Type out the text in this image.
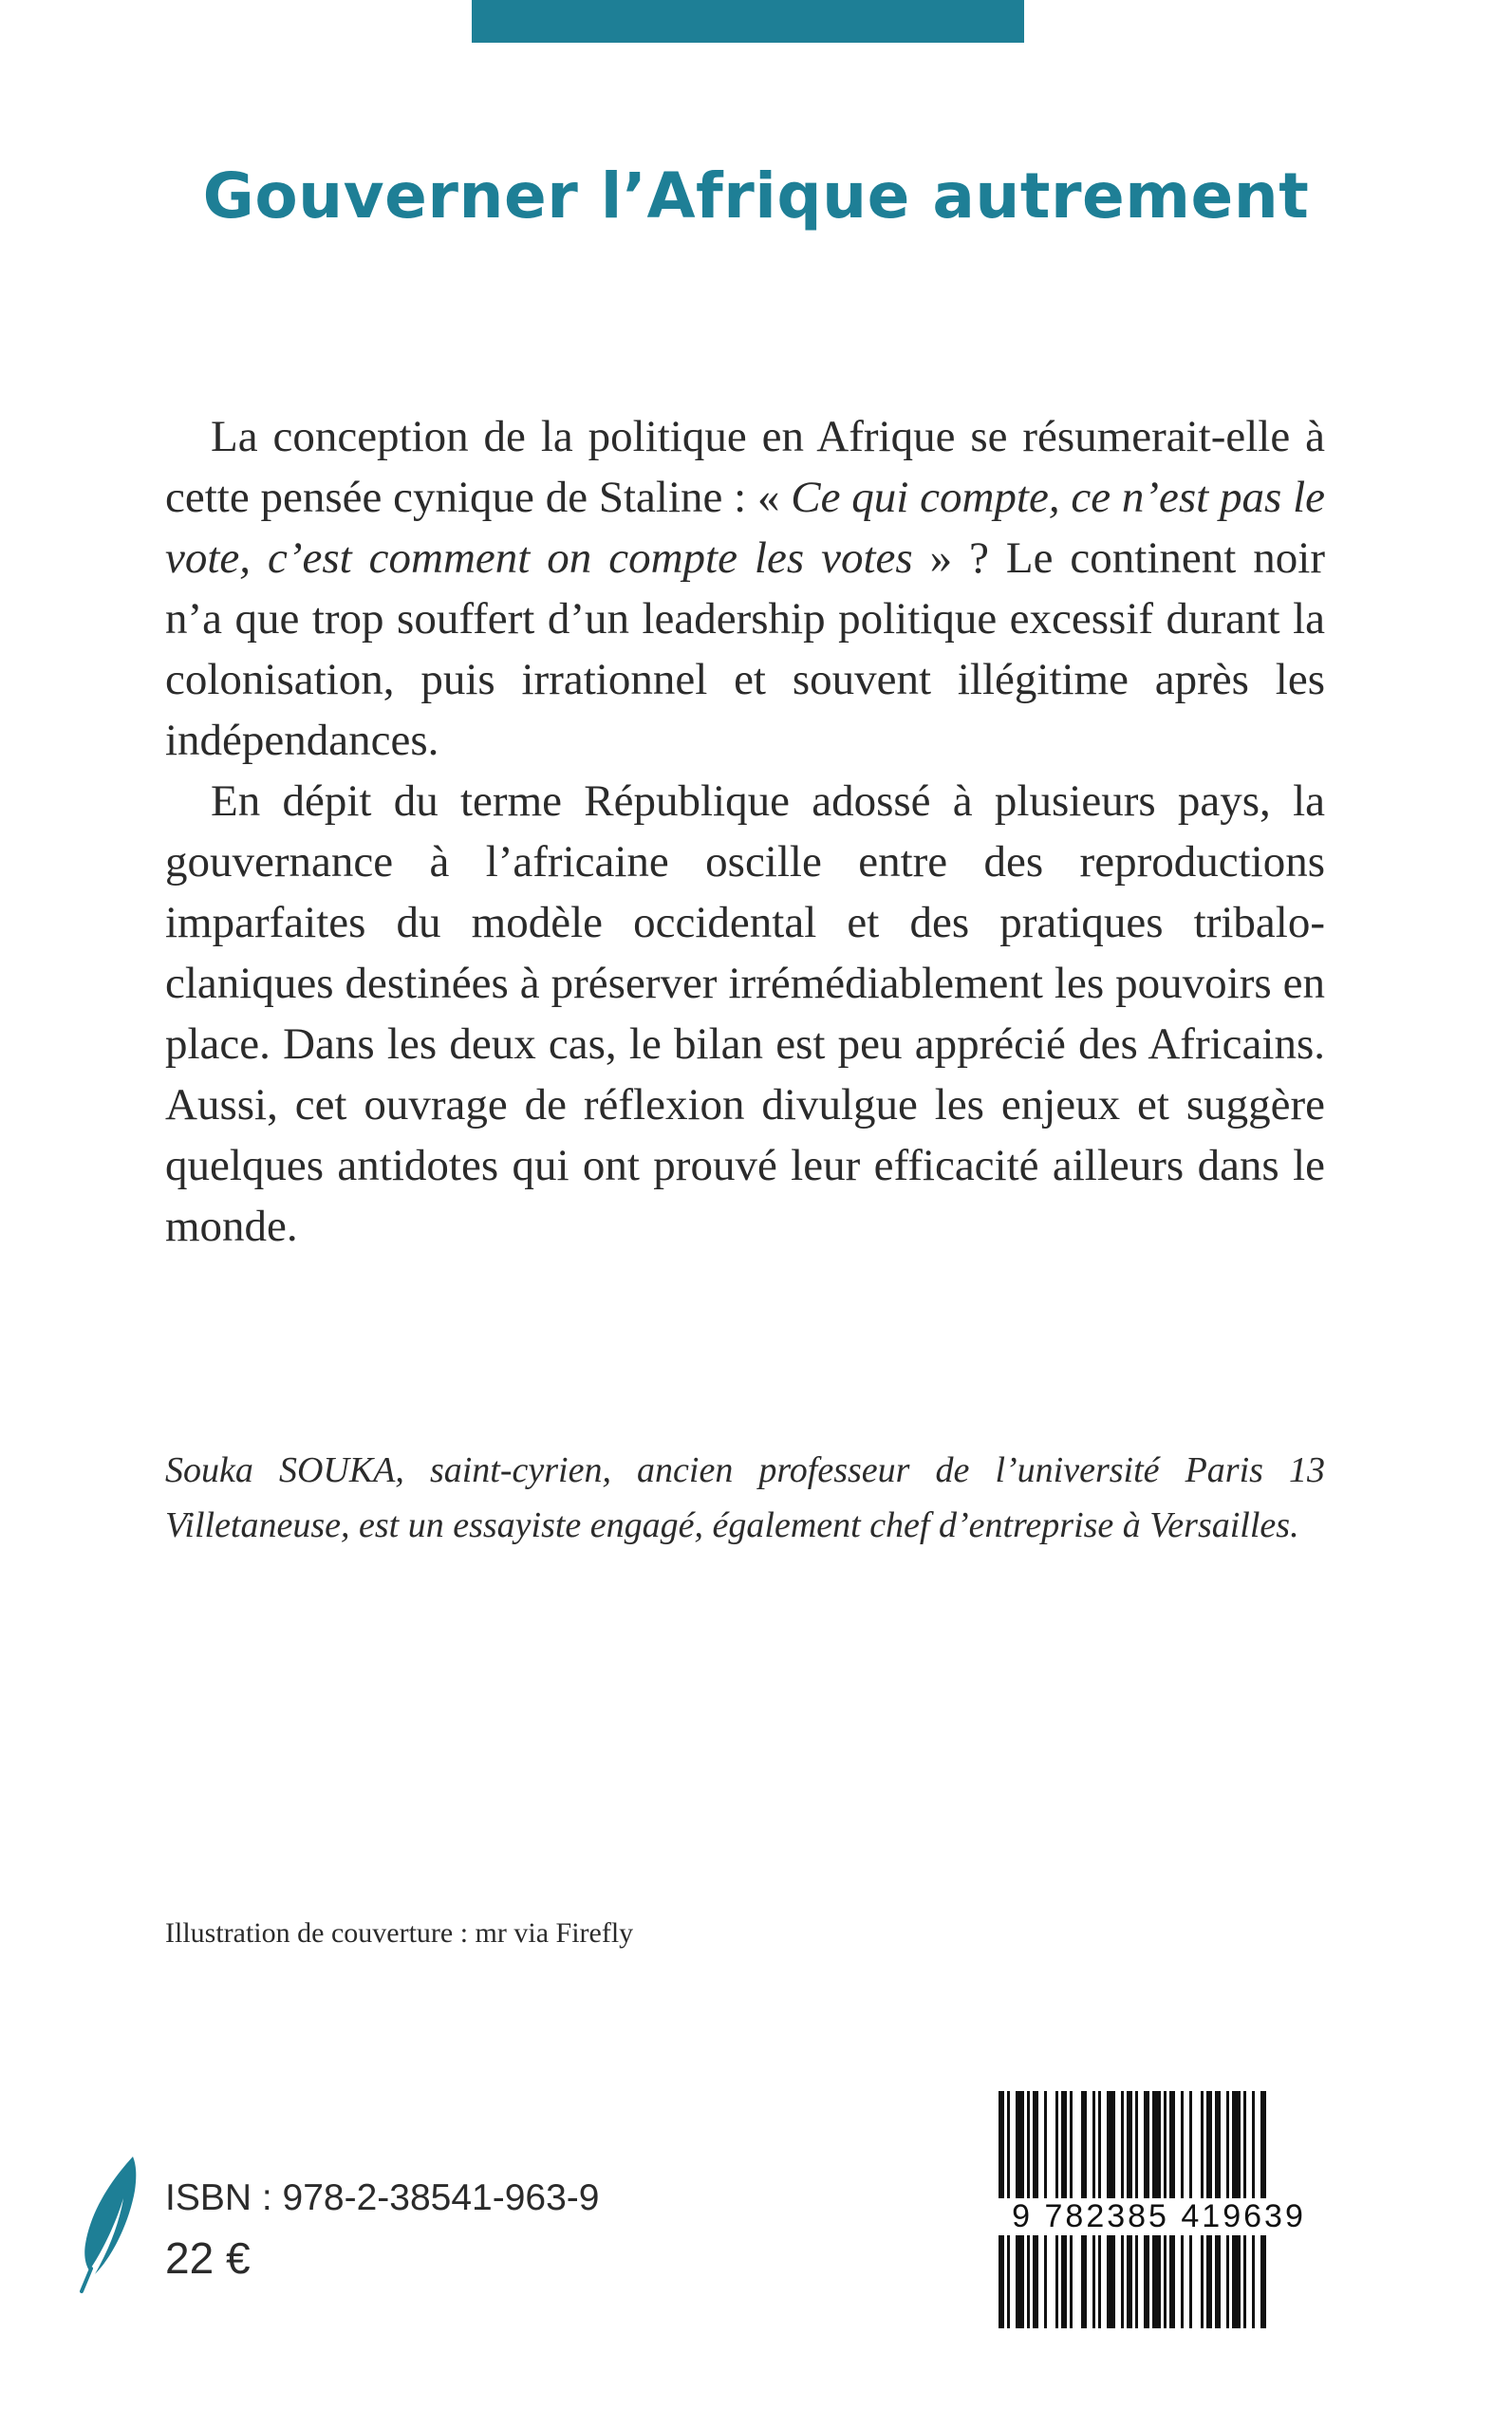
Gouverner l’Afrique autrement

La conception de la politique en Afrique se résumerait-elle à cette pensée cynique de Staline : « Ce qui compte, ce n’est pas le vote, c’est comment on compte les votes » ? Le continent noir n’a que trop souffert d’un leadership politique excessif durant la colonisation, puis irrationnel et souvent illégitime après les indépendances.

En dépit du terme République adossé à plusieurs pays, la gouvernance à l’africaine oscille entre des reproductions imparfaites du modèle occidental et des pratiques tribalo-claniques destinées à préserver irrémédiablement les pouvoirs en place. Dans les deux cas, le bilan est peu apprécié des Africains. Aussi, cet ouvrage de réflexion divulgue les enjeux et suggère quelques antidotes qui ont prouvé leur efficacité ailleurs dans le monde.

Souka SOUKA, saint-cyrien, ancien professeur de l’université Paris 13 Villetaneuse, est un essayiste engagé, également chef d’entreprise à Versailles.

Illustration de couverture : mr via Firefly

ISBN : 978-2-38541-963-9

22 €

9 782385 419639
